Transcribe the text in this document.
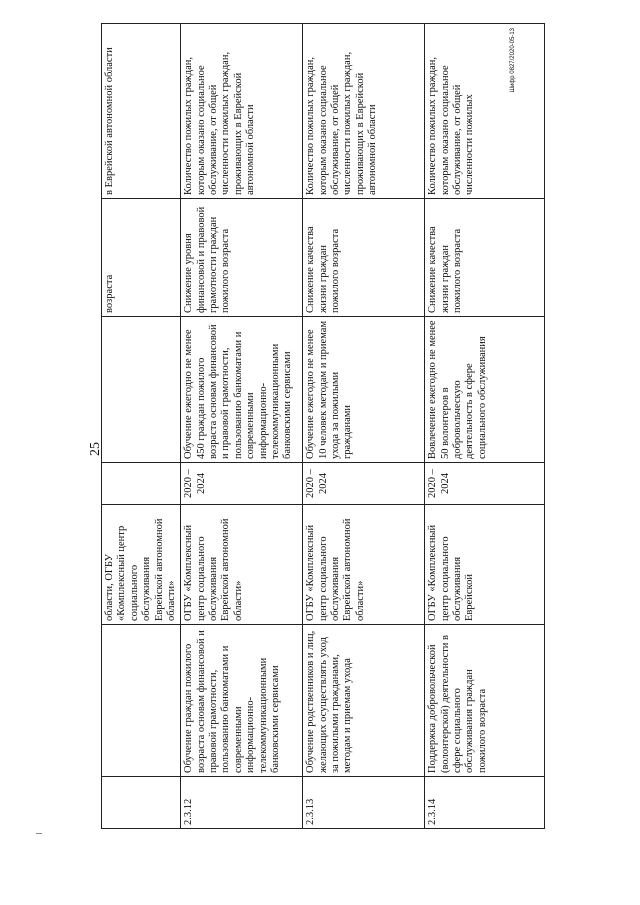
25
		области, ОГБУ «Комплексный центр социального обслуживания Еврейской автономной области»			возраста	в Еврейской автономной области
2.3.12	Обучение граждан пожилого возраста основам финансовой и правовой грамотности, пользованию банкоматами и современными информационно-телекоммуникационными банковскими сервисами	ОГБУ «Комплексный центр социального обслуживания Еврейской автономной области»	2020 – 2024	Обучение ежегодно не менее 450 граждан пожилого возраста основам финансовой и правовой грамотности, пользованию банкоматами и современными информационно-телекоммуникационными банковскими сервисами	Снижение уровня финансовой и правовой грамотности граждан пожилого возраста	Количество пожилых граждан, которым оказано социальное обслуживание, от общей численности пожилых граждан, проживающих в Еврейской автономной области
2.3.13	Обучение родственников и лиц, желающих осуществлять уход за пожилыми гражданами, методам и приемам ухода	ОГБУ «Комплексный центр социального обслуживания Еврейской автономной области»	2020 – 2024	Обучение ежегодно не менее 10 человек методам и приемам ухода за пожилыми гражданами	Снижение качества жизни граждан пожилого возраста	Количество пожилых граждан, которым оказано социальное обслуживание, от общей численности пожилых граждан, проживающих в Еврейской автономной области
2.3.14	Поддержка добровольческой (волонтерской) деятельности в сфере социального обслуживания граждан пожилого возраста	ОГБУ «Комплексный центр социального обслуживания Еврейской	2020 – 2024	Вовлечение ежегодно не менее 50 волонтеров в добровольческую деятельность в сфере социального обслуживания	Снижение качества жизни граждан пожилого возраста	Количество пожилых граждан, которым оказано социальное обслуживание, от общей численности пожилых
Шифр 0827/2020-05-13
